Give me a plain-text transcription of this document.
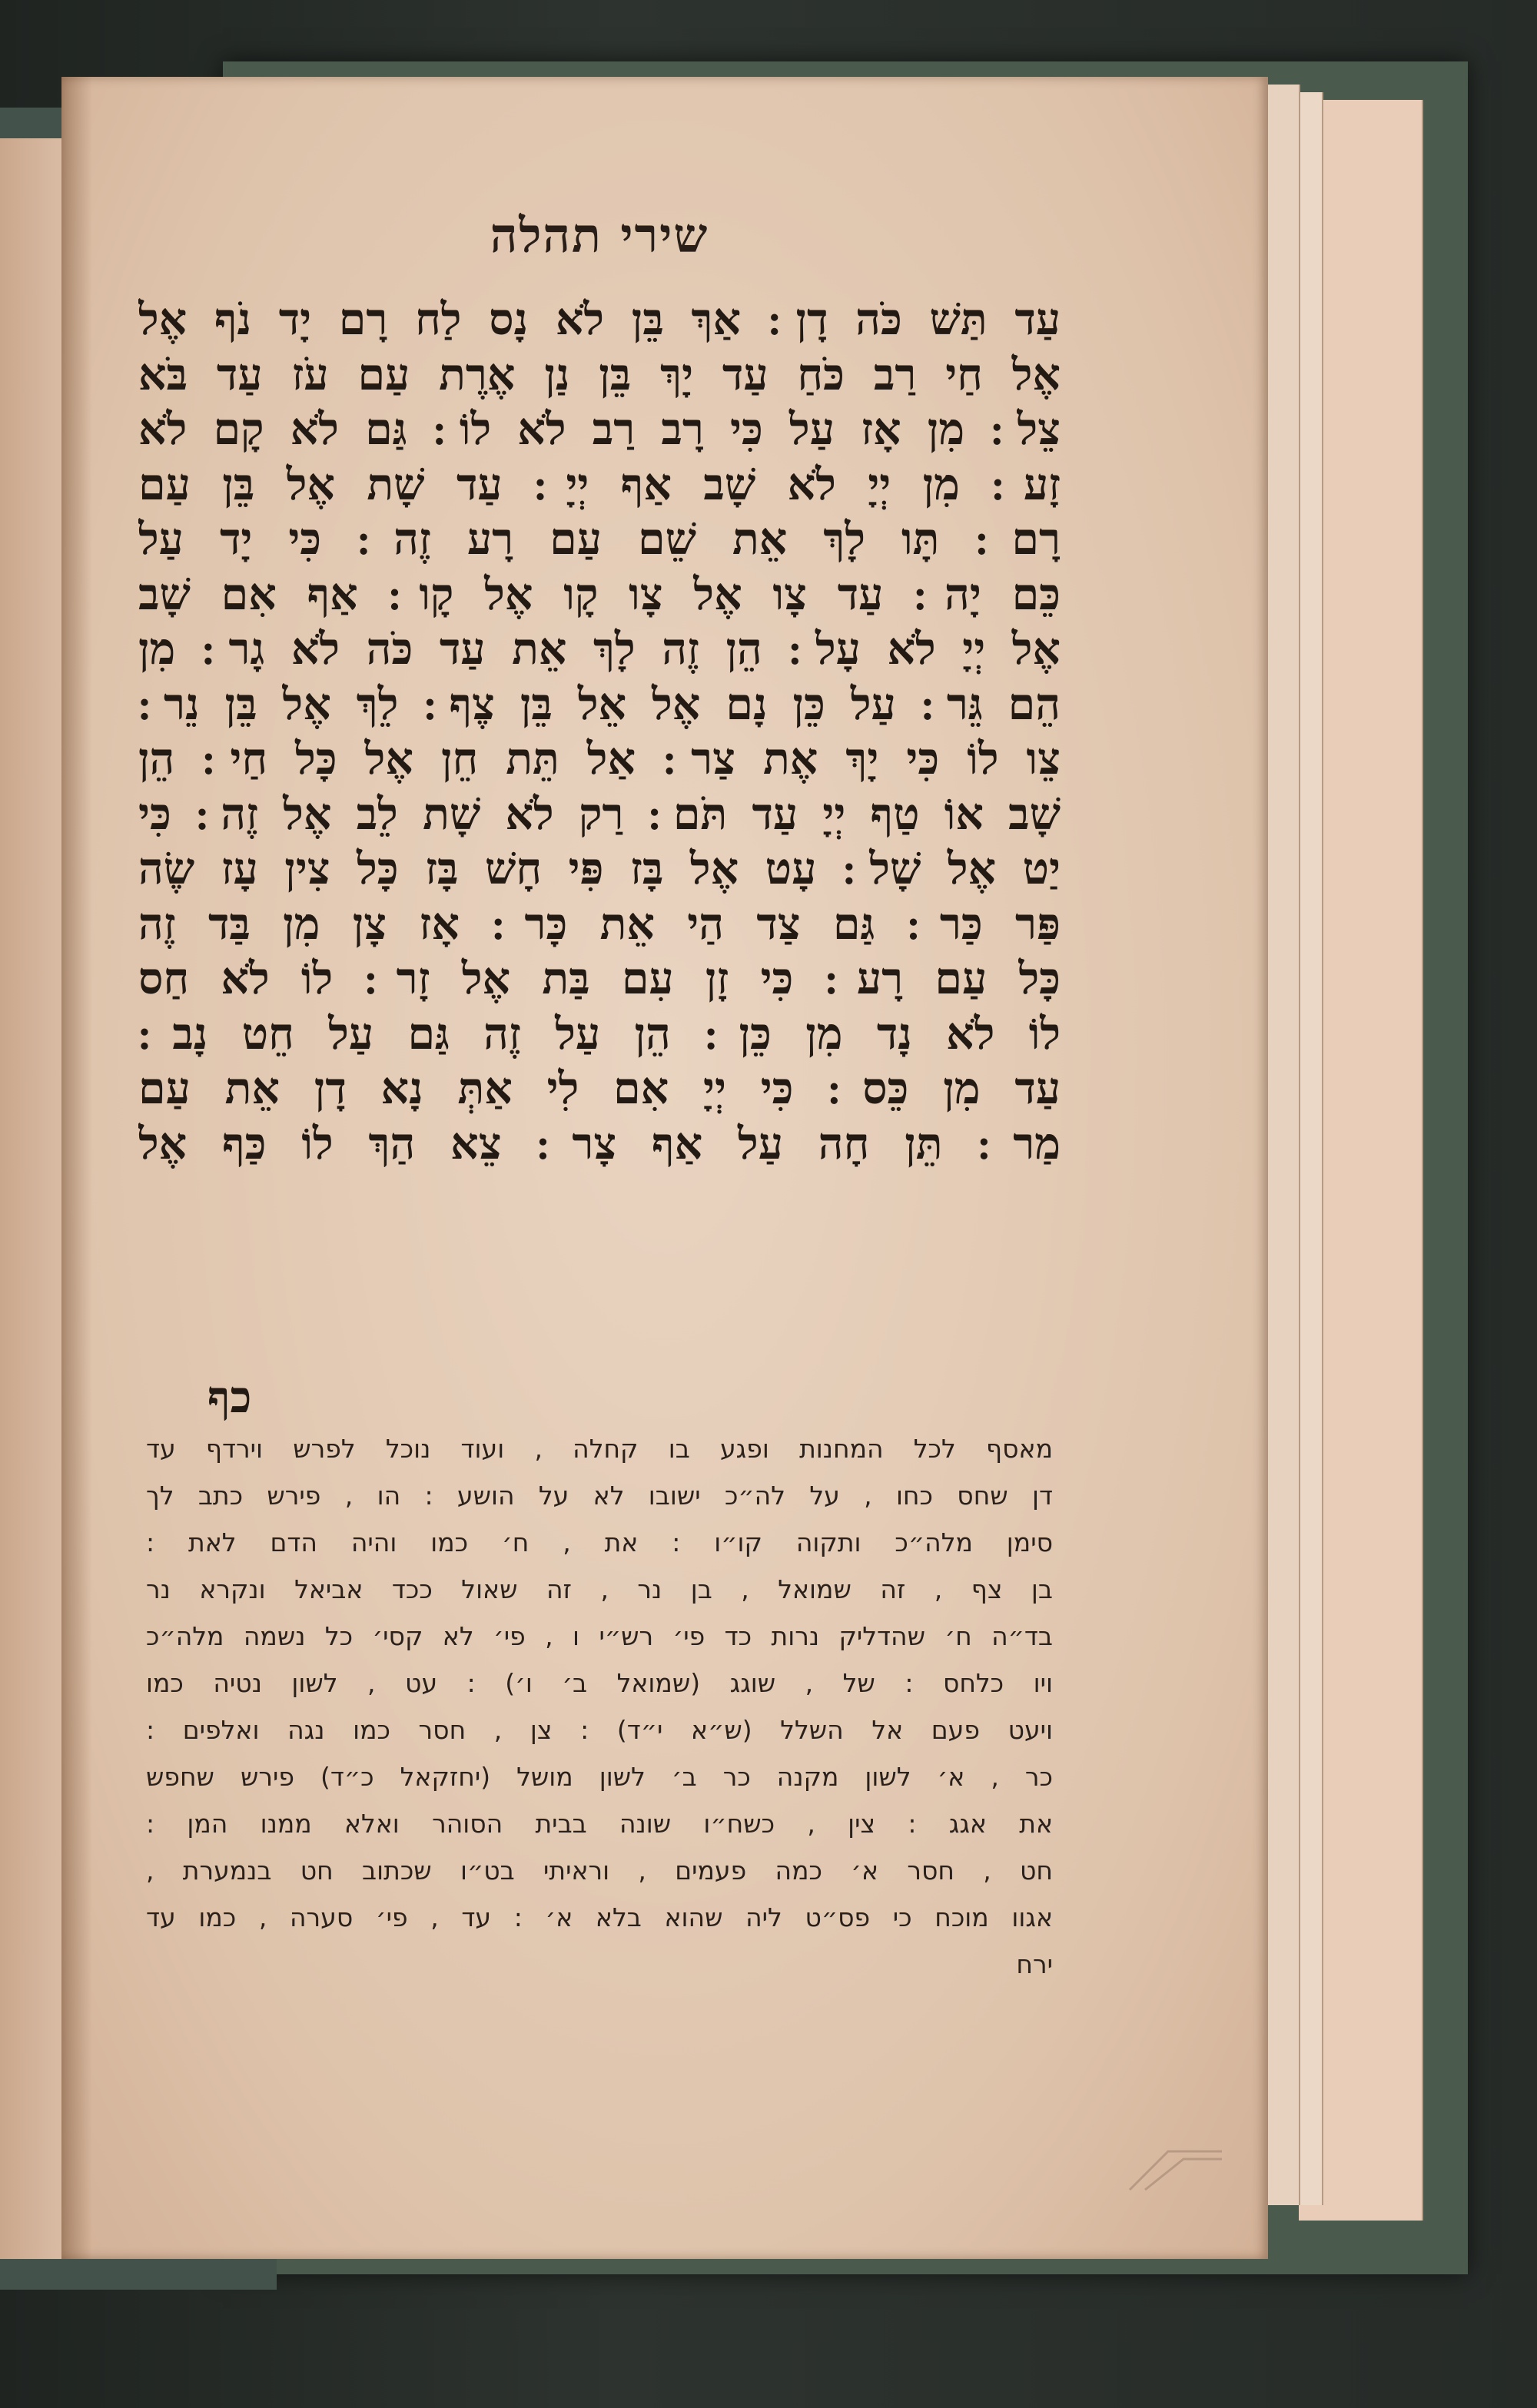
שירי תהלה
עַד תַּשׁ כֹּה דָן ׃ אַךְ בֵּן לֹא נָס לַח רָם יָד נֹף אֶל
אֶל חַי רַב כֹּחַ עַד יָךְ בֵּן נַן אֶרֶת עַם עֹז עַד בֹּא
צֵל ׃ מִן אָז עַל כִּי רָב רַב לֹא לוֹ ׃ גַּם לֹא קָם לֹא
זָע ׃ מִן יְיָ לֹא שָׁב אַף יְיָ ׃ עַד שָׁת אֶל בֵּן עַם
רָם ׃ תָּו לָךְ אֵת שֵׁם עַם רָע זֶה ׃ כִּי יָד עַל
כֵּם יָה ׃ עַד צָו אֶל צָו קָו אֶל קָו ׃ אַף אִם שָׁב
אֶל יְיָ לֹא עָל ׃ הֵן זֶה לָךְ אֵת עַד כֹּה לֹא גָר ׃ מִן
הֵם גֵּר ׃ עַל כֵּן נָם אֶל אֵל בֵּן צֶף ׃ לֵךְ אֶל בֵּן נֵר ׃
צֵו לוֹ כִּי יָךְ אֶת צַר ׃ אַל תֵּת חֵן אֶל כָּל חַי ׃ הֵן
שָׁב אוֹ טַף יְיָ עַד תֹּם ׃ רַק לֹא שָׁת לֵב אֶל זֶה ׃ כִּי
יַט אֶל שָׁל ׃ עָט אֶל בָּז פִּי חָשׁ בָּז כָּל צִין עָז שֶׂה
פַּר כַּר ׃ גַּם צַד הַי אֵת כָּר ׃ אָז צָן מִן בַּד זֶה
כָּל עַם רָע ׃ כִּי זָן עִם בַּת אֶל זָר ׃ לוֹ לֹא חַס
לוֹ לֹא נָד מִן כֵּן ׃ הֵן עַל זֶה גַּם עַל חֵט נָב ׃
עַד מִן כֵּס ׃ כִּי יְיָ אִם לִי אַתְּ נָא דָן אֵת עַם
מַר ׃ תֵּן חָה עַל אַף צָר ׃ צֵא הַךְ לוֹ כַּף אֶל
כף
מאסף לכל המחנות ופגע בו קחלה , ועוד נוכל לפרש וירדף עד
דן שחס כחו , על לה״כ ישובו לא על הושע : הו , פירש כתב לך
סימן מלה״כ ותקוה קו״ו : את , ח׳ כמו והיה הדם לאת :
בן צף , זה שמואל , בן נר , זה שאול ככד אביאל ונקרא נר
בד״ה ח׳ שהדליק נרות כד פי׳ רש״י ו , פי׳ לא קסי׳ כל נשמה מלה״כ
ויו כלחס : של , שוגג (שמואל ב׳ ו׳) : עט , לשון נטיה כמו
ויעט פעם אל השלל (ש״א י״ד) : צן , חסר כמו נגה ואלפים :
כר , א׳ לשון מקנה כר ב׳ לשון מושל (יחזקאל כ״ד) פירש שחפש
את אגג : צין , כשח״ו שונה בבית הסוהר ואלא ממנו המן :
חט , חסר א׳ כמה פעמים , וראיתי בט״ו שכתוב חט בנמערת ,
אגוו מוכח כי פס״ט ליה שהוא בלא א׳ : עד , פי׳ סערה , כמו עד
ירח
